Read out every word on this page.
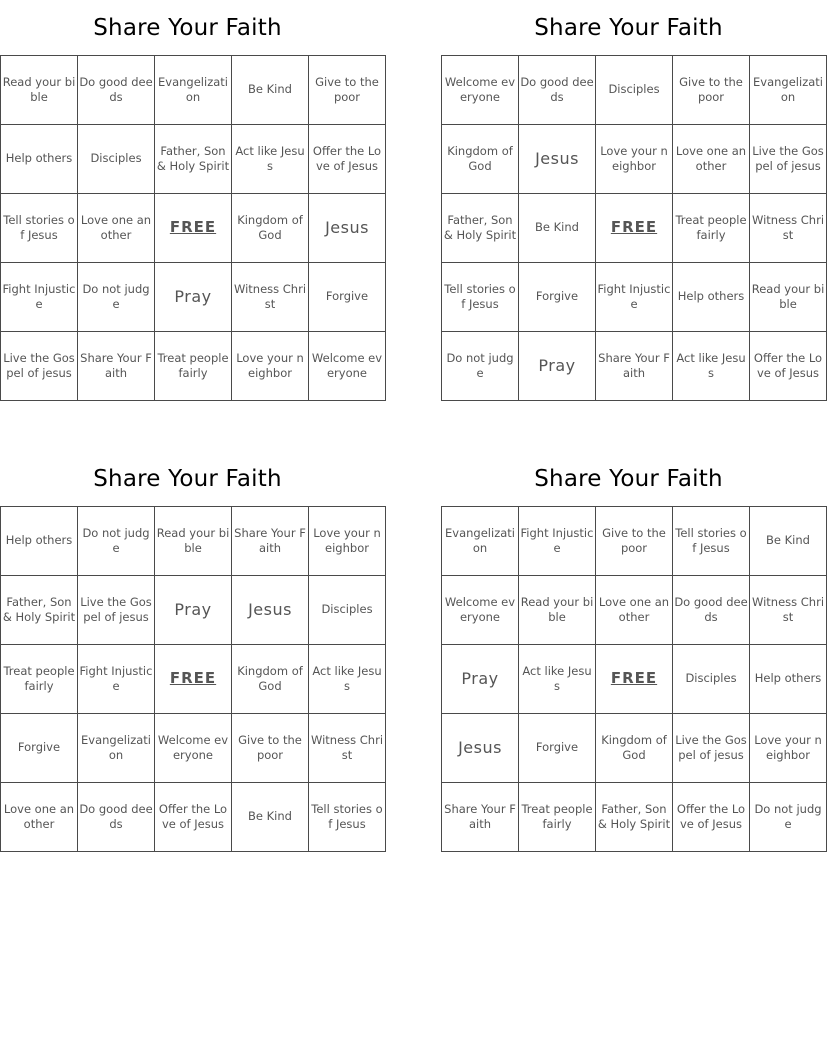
Share Your Faith
Read your bible	Do good deeds	Evangelization	Be Kind	Give to the poor

Help others	Disciples	Father, Son & Holy Spirit	Act like Jesus	Offer the Love of Jesus

Tell stories of Jesus	Love one another	FREE	Kingdom of God	Jesus

Fight Injustice	Do not judge	Pray	Witness Christ	Forgive

Live the Gospel of jesus	Share Your Faith	Treat people fairly	Love your neighbor	Welcome everyone
Share Your Faith
Welcome everyone	Do good deeds	Disciples	Give to the poor	Evangelization

Kingdom of God	Jesus	Love your neighbor	Love one another	Live the Gospel of jesus

Father, Son & Holy Spirit	Be Kind	FREE	Treat people fairly	Witness Christ

Tell stories of Jesus	Forgive	Fight Injustice	Help others	Read your bible

Do not judge	Pray	Share Your Faith	Act like Jesus	Offer the Love of Jesus
Share Your Faith
Help others	Do not judge	Read your bible	Share Your Faith	Love your neighbor

Father, Son & Holy Spirit	Live the Gospel of jesus	Pray	Jesus	Disciples

Treat people fairly	Fight Injustice	FREE	Kingdom of God	Act like Jesus

Forgive	Evangelization	Welcome everyone	Give to the poor	Witness Christ

Love one another	Do good deeds	Offer the Love of Jesus	Be Kind	Tell stories of Jesus
Share Your Faith
Evangelization	Fight Injustice	Give to the poor	Tell stories of Jesus	Be Kind

Welcome everyone	Read your bible	Love one another	Do good deeds	Witness Christ

Pray	Act like Jesus	FREE	Disciples	Help others

Jesus	Forgive	Kingdom of God	Live the Gospel of jesus	Love your neighbor

Share Your Faith	Treat people fairly	Father, Son & Holy Spirit	Offer the Love of Jesus	Do not judge
